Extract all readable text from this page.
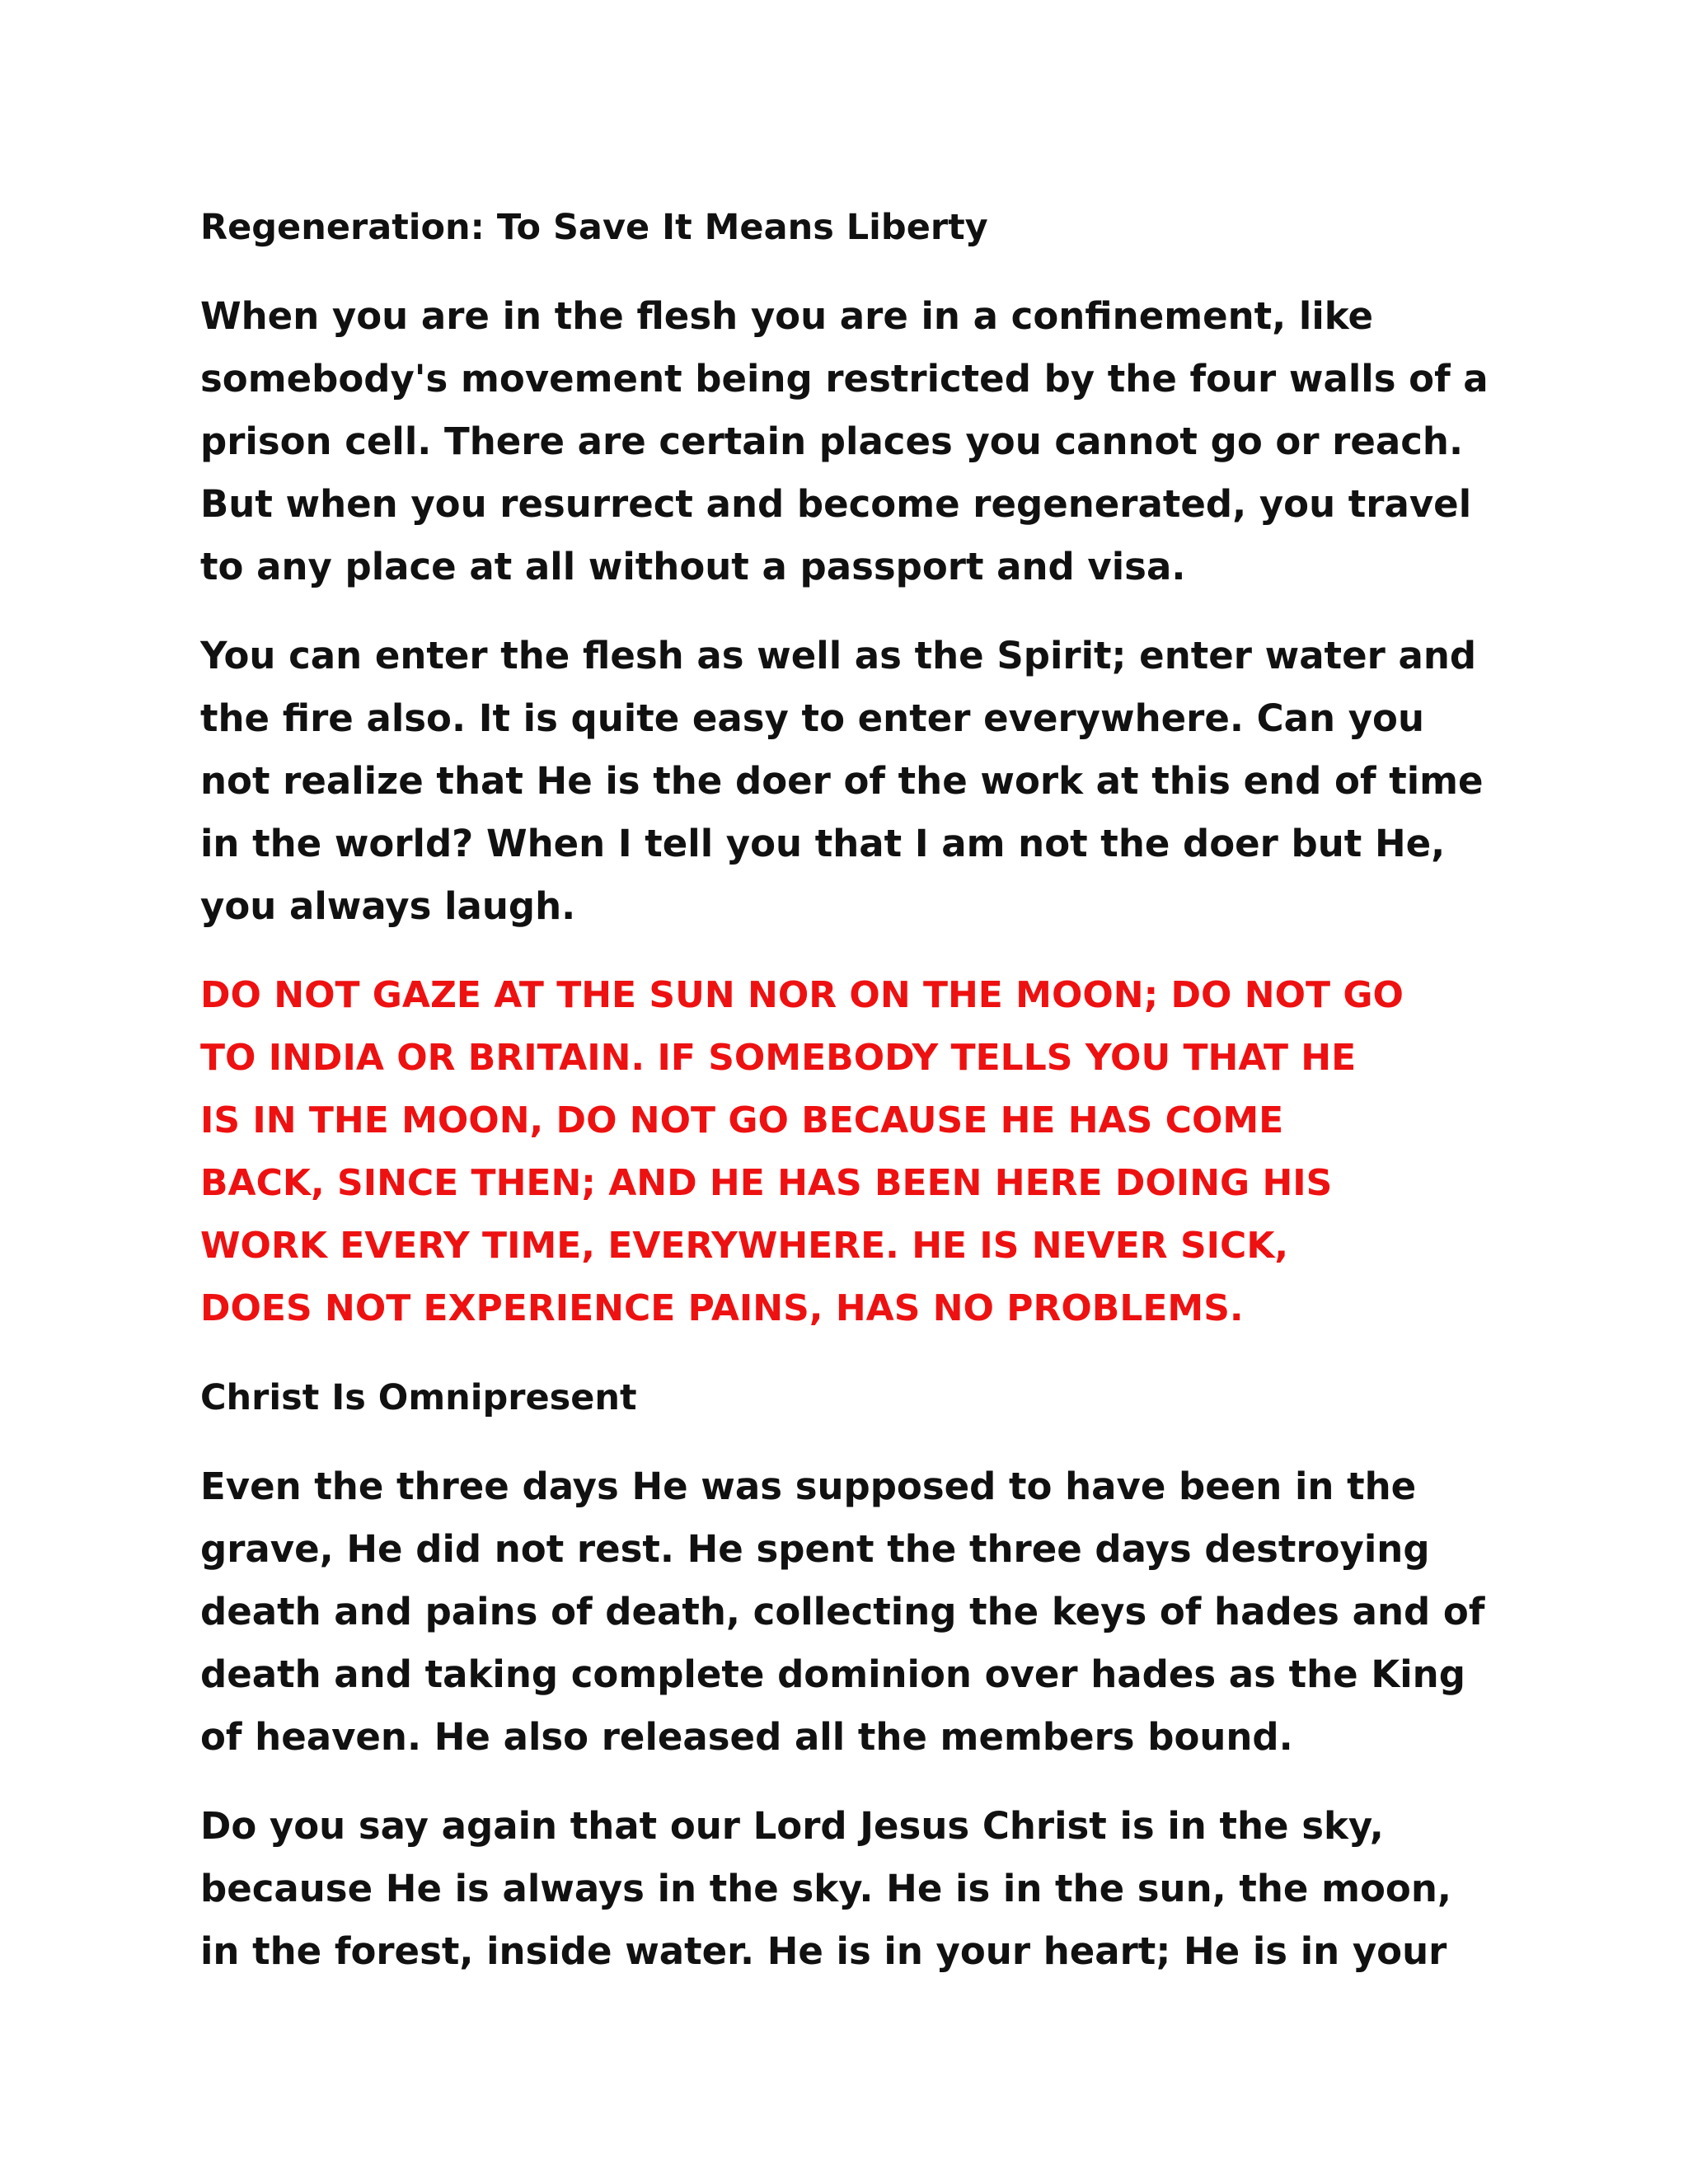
Regeneration: To Save It Means Liberty
When you are in the flesh you are in a confinement, like
somebody's movement being restricted by the four walls of a
prison cell. There are certain places you cannot go or reach.
But when you resurrect and become regenerated, you travel
to any place at all without a passport and visa.
You can enter the flesh as well as the Spirit; enter water and
the fire also. It is quite easy to enter everywhere. Can you
not realize that He is the doer of the work at this end of time
in the world? When I tell you that I am not the doer but He,
you always laugh.
DO NOT GAZE AT THE SUN NOR ON THE MOON; DO NOT GO
TO INDIA OR BRITAIN. IF SOMEBODY TELLS YOU THAT HE
IS IN THE MOON, DO NOT GO BECAUSE HE HAS COME
BACK, SINCE THEN; AND HE HAS BEEN HERE DOING HIS
WORK EVERY TIME, EVERYWHERE. HE IS NEVER SICK,
DOES NOT EXPERIENCE PAINS, HAS NO PROBLEMS.
Christ Is Omnipresent
Even the three days He was supposed to have been in the
grave, He did not rest. He spent the three days destroying
death and pains of death, collecting the keys of hades and of
death and taking complete dominion over hades as the King
of heaven. He also released all the members bound.
Do you say again that our Lord Jesus Christ is in the sky,
because He is always in the sky. He is in the sun, the moon,
in the forest, inside water. He is in your heart; He is in your
